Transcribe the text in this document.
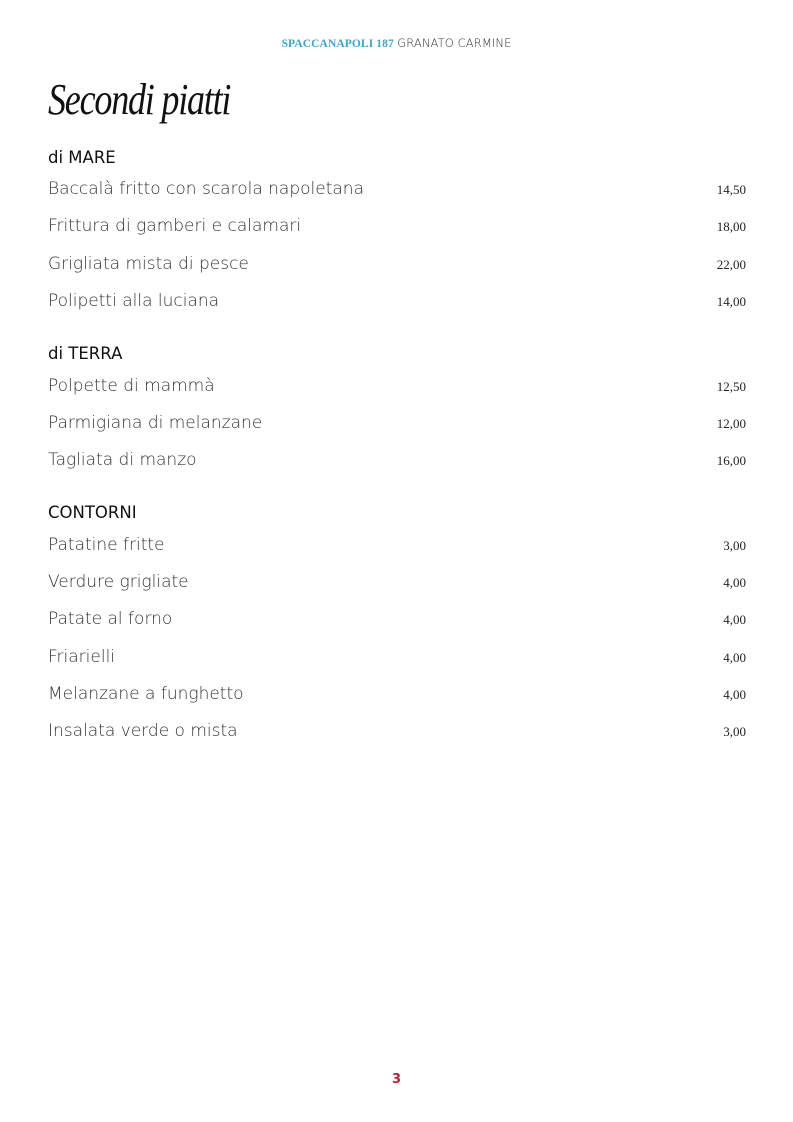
SPACCANAPOLI 187 GRANATO CARMINE
Secondi piatti
di MARE
Baccalà fritto con scarola napoletana	14,50
Frittura di gamberi e calamari	18,00
Grigliata mista di pesce	22,00
Polipetti alla luciana	14,00
di TERRA
Polpette di mammà	12,50
Parmigiana di melanzane	12,00
Tagliata di manzo	16,00
CONTORNI
Patatine fritte	3,00
Verdure grigliate	4,00
Patate al forno	4,00
Friarielli	4,00
Melanzane a funghetto	4,00
Insalata verde o mista	3,00
3
